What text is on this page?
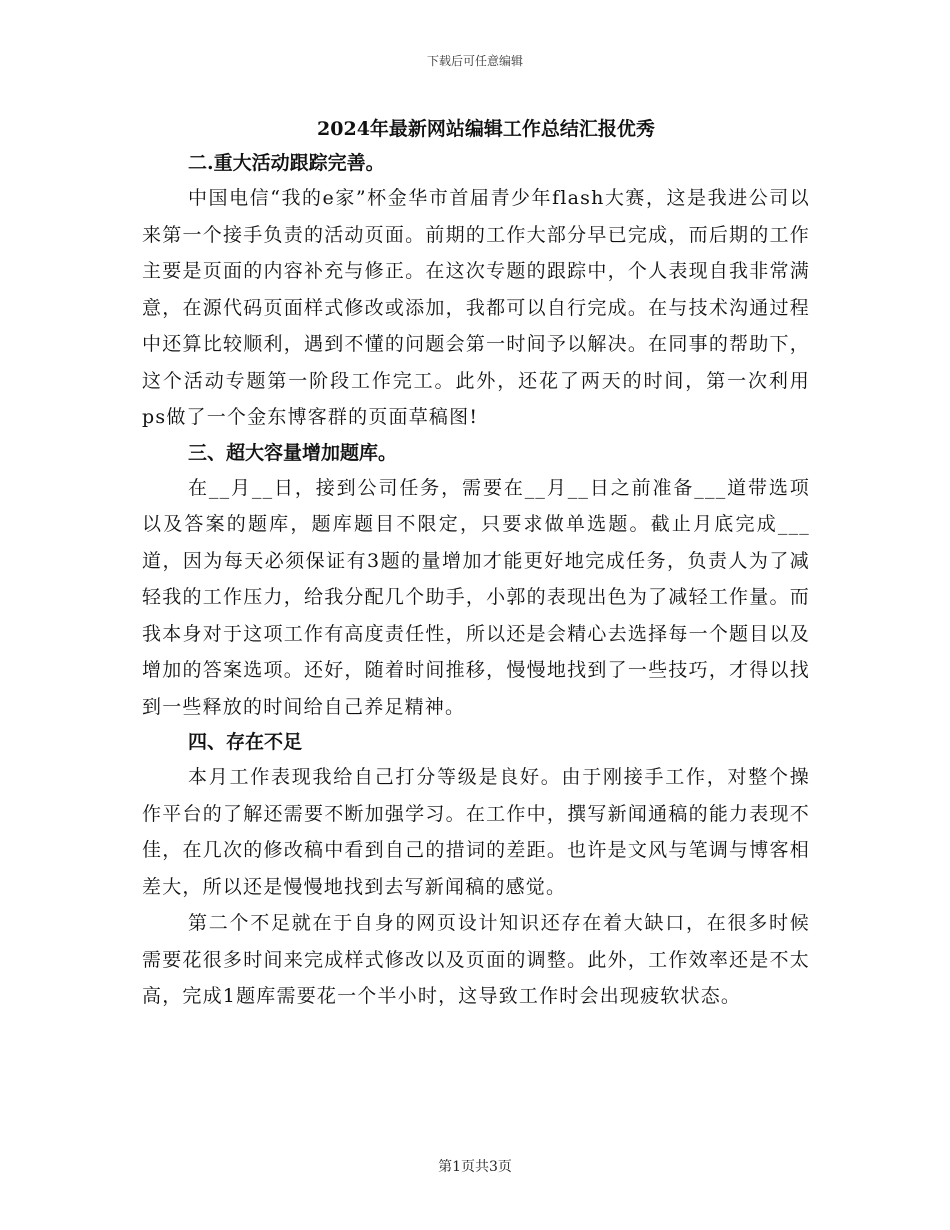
下载后可任意编辑
2024年最新网站编辑工作总结汇报优秀

二.重大活动跟踪完善。

中国电信“我的e家”杯金华市首届青少年flash大赛，这是我进公司以来第一个接手负责的活动页面。前期的工作大部分早已完成，而后期的工作主要是页面的内容补充与修正。在这次专题的跟踪中，个人表现自我非常满意，在源代码页面样式修改或添加，我都可以自行完成。在与技术沟通过程中还算比较顺利，遇到不懂的问题会第一时间予以解决。在同事的帮助下，这个活动专题第一阶段工作完工。此外，还花了两天的时间，第一次利用ps做了一个金东博客群的页面草稿图!

三、超大容量增加题库。

在__月__日，接到公司任务，需要在__月__日之前准备___道带选项以及答案的题库，题库题目不限定，只要求做单选题。截止月底完成___道，因为每天必须保证有3题的量增加才能更好地完成任务，负责人为了减轻我的工作压力，给我分配几个助手，小郭的表现出色为了减轻工作量。而我本身对于这项工作有高度责任性，所以还是会精心去选择每一个题目以及增加的答案选项。还好，随着时间推移，慢慢地找到了一些技巧，才得以找到一些释放的时间给自己养足精神。

四、存在不足

本月工作表现我给自己打分等级是良好。由于刚接手工作，对整个操作平台的了解还需要不断加强学习。在工作中，撰写新闻通稿的能力表现不佳，在几次的修改稿中看到自己的措词的差距。也许是文风与笔调与博客相差大，所以还是慢慢地找到去写新闻稿的感觉。

第二个不足就在于自身的网页设计知识还存在着大缺口，在很多时候需要花很多时间来完成样式修改以及页面的调整。此外，工作效率还是不太高，完成1题库需要花一个半小时，这导致工作时会出现疲软状态。

第1页共3页
